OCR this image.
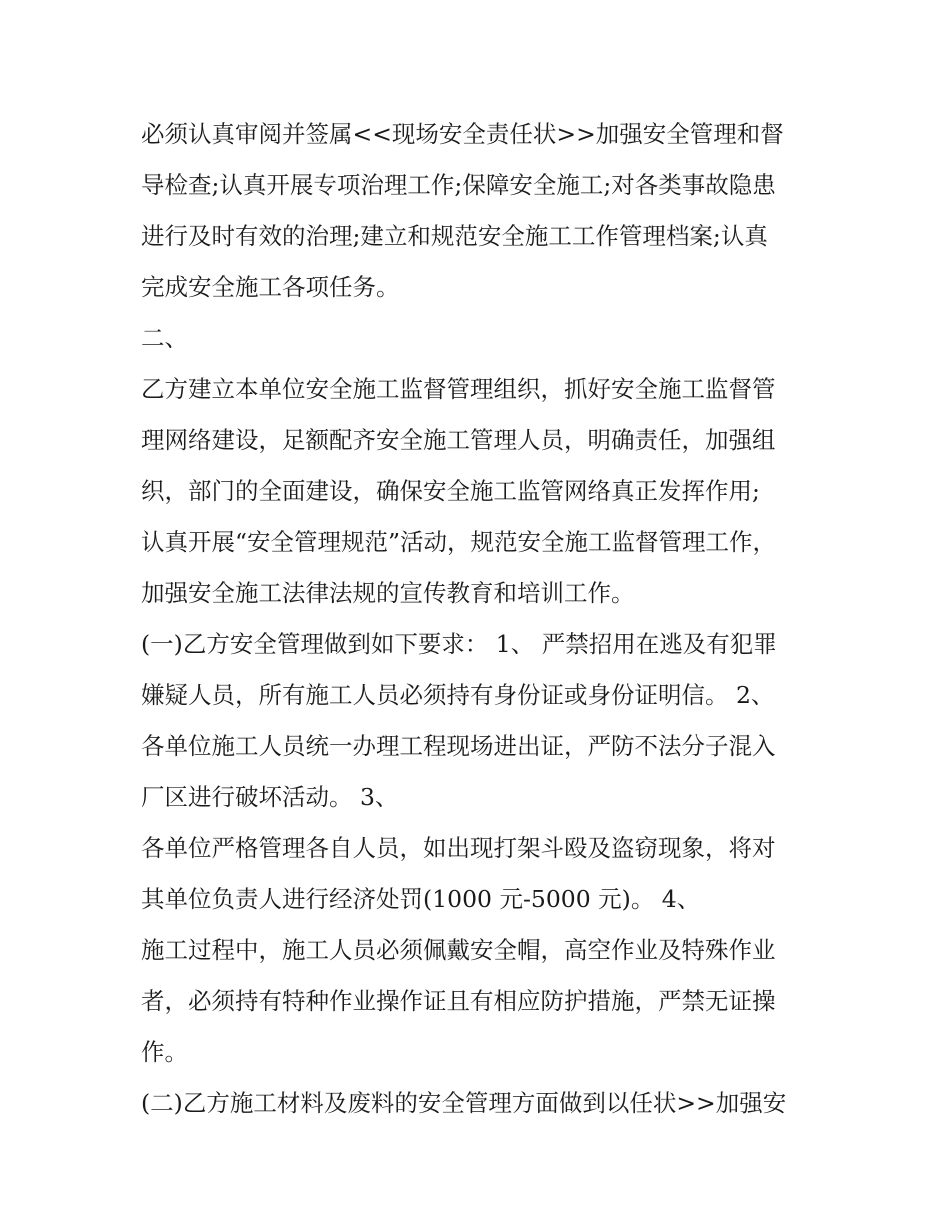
必须认真审阅并签属<<现场安全责任状>>加强安全管理和督
导检查;认真开展专项治理工作;保障安全施工;对各类事故隐患
进行及时有效的治理;建立和规范安全施工工作管理档案;认真
完成安全施工各项任务。
二、
乙方建立本单位安全施工监督管理组织，抓好安全施工监督管
理网络建设，足额配齐安全施工管理人员，明确责任，加强组
织，部门的全面建设，确保安全施工监管网络真正发挥作用;
认真开展“安全管理规范”活动，规范安全施工监督管理工作，
加强安全施工法律法规的宣传教育和培训工作。
(一)乙方安全管理做到如下要求： 1、 严禁招用在逃及有犯罪
嫌疑人员，所有施工人员必须持有身份证或身份证明信。 2、
各单位施工人员统一办理工程现场进出证，严防不法分子混入
厂区进行破坏活动。 3、
各单位严格管理各自人员，如出现打架斗殴及盗窃现象，将对
其单位负责人进行经济处罚(1000 元-5000 元)。 4、
施工过程中，施工人员必须佩戴安全帽，高空作业及特殊作业
者，必须持有特种作业操作证且有相应防护措施，严禁无证操
作。
(二)乙方施工材料及废料的安全管理方面做到以任状>>加强安
